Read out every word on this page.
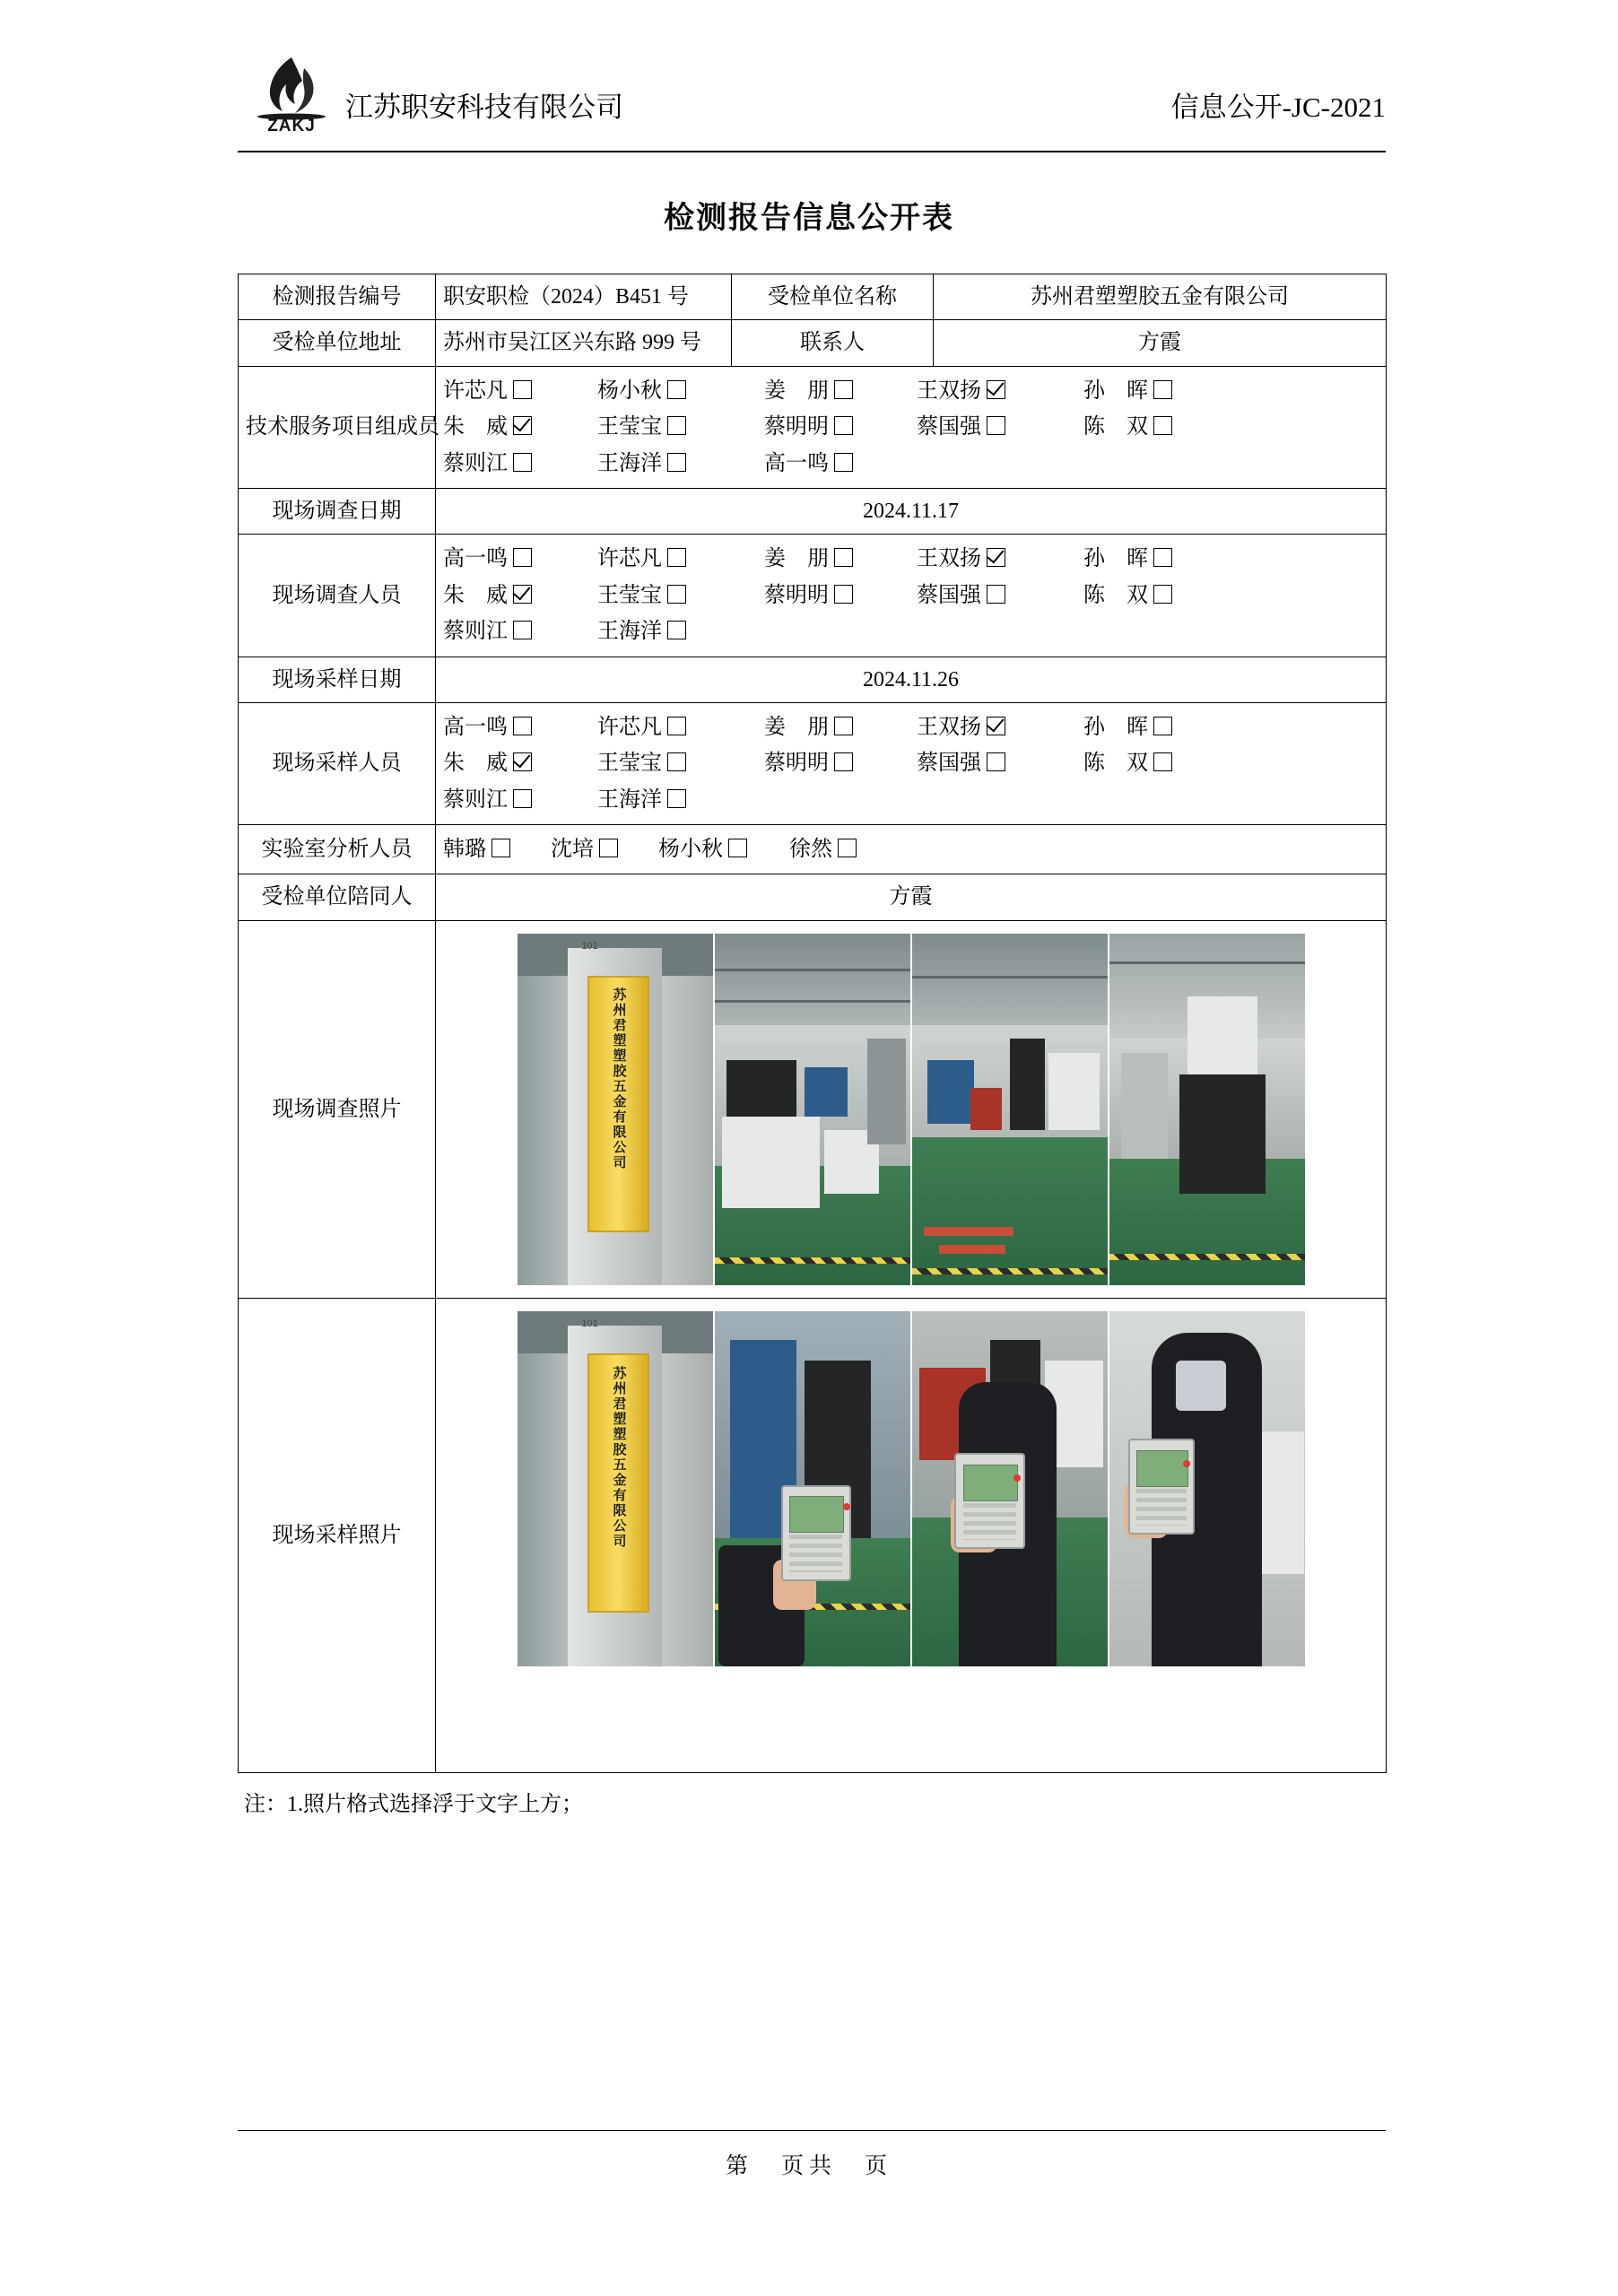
ZAKJ
江苏职安科技有限公司	信息公开-JC-2021
检测报告信息公开表
检测报告编号	职安职检（2024）B451 号	受检单位名称	苏州君塑塑胶五金有限公司
受检单位地址	苏州市吴江区兴东路 999 号	联系人	方霞
技术服务项目组成员	许芯凡 杨小秋 姜　朋 王双扬 孙　晖
朱　威 王莹宝 蔡明明 蔡国强 陈　双
蔡则江 王海洋 高一鸣		

现场调查日期	2024.11.17		
现场调查人员	高一鸣 许芯凡 姜　朋 王双扬 孙　晖
朱　威 王莹宝 蔡明明 蔡国强 陈　双
蔡则江 王海洋		

现场采样日期	2024.11.26		
现场采样人员	高一鸣 许芯凡 姜　朋 王双扬 孙　晖
朱　威 王莹宝 蔡明明 蔡国强 陈　双
蔡则江 王海洋		

实验室分析人员	韩璐 沈培 杨小秋 徐然		

受检单位陪同人	方霞		
现场调查照片	101
苏州君塑塑胶五金有限公司		

现场采样照片	101
苏州君塑塑胶五金有限公司		
注：1.照片格式选择浮于文字上方；
第　页共　页
